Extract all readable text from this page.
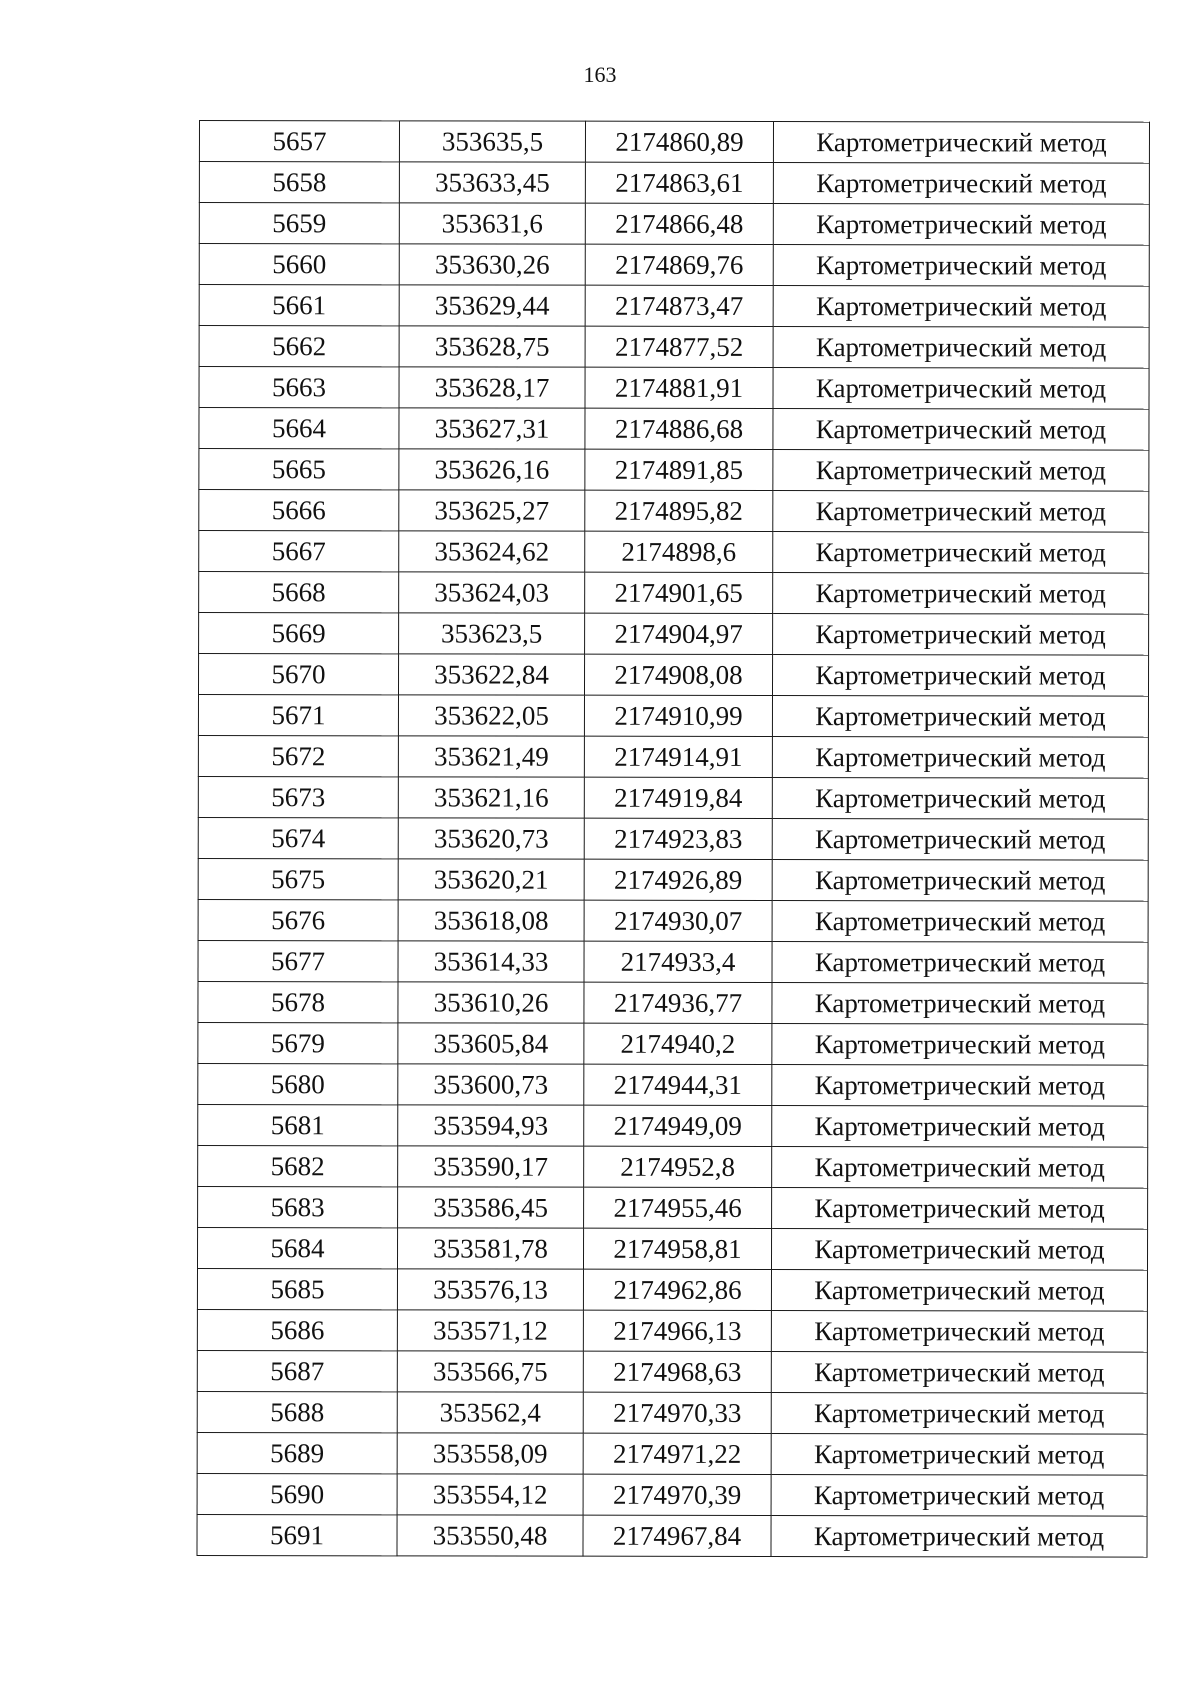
163
5657	353635,5	2174860,89	Картометрический метод
5658	353633,45	2174863,61	Картометрический метод
5659	353631,6	2174866,48	Картометрический метод
5660	353630,26	2174869,76	Картометрический метод
5661	353629,44	2174873,47	Картометрический метод
5662	353628,75	2174877,52	Картометрический метод
5663	353628,17	2174881,91	Картометрический метод
5664	353627,31	2174886,68	Картометрический метод
5665	353626,16	2174891,85	Картометрический метод
5666	353625,27	2174895,82	Картометрический метод
5667	353624,62	2174898,6	Картометрический метод
5668	353624,03	2174901,65	Картометрический метод
5669	353623,5	2174904,97	Картометрический метод
5670	353622,84	2174908,08	Картометрический метод
5671	353622,05	2174910,99	Картометрический метод
5672	353621,49	2174914,91	Картометрический метод
5673	353621,16	2174919,84	Картометрический метод
5674	353620,73	2174923,83	Картометрический метод
5675	353620,21	2174926,89	Картометрический метод
5676	353618,08	2174930,07	Картометрический метод
5677	353614,33	2174933,4	Картометрический метод
5678	353610,26	2174936,77	Картометрический метод
5679	353605,84	2174940,2	Картометрический метод
5680	353600,73	2174944,31	Картометрический метод
5681	353594,93	2174949,09	Картометрический метод
5682	353590,17	2174952,8	Картометрический метод
5683	353586,45	2174955,46	Картометрический метод
5684	353581,78	2174958,81	Картометрический метод
5685	353576,13	2174962,86	Картометрический метод
5686	353571,12	2174966,13	Картометрический метод
5687	353566,75	2174968,63	Картометрический метод
5688	353562,4	2174970,33	Картометрический метод
5689	353558,09	2174971,22	Картометрический метод
5690	353554,12	2174970,39	Картометрический метод
5691	353550,48	2174967,84	Картометрический метод
